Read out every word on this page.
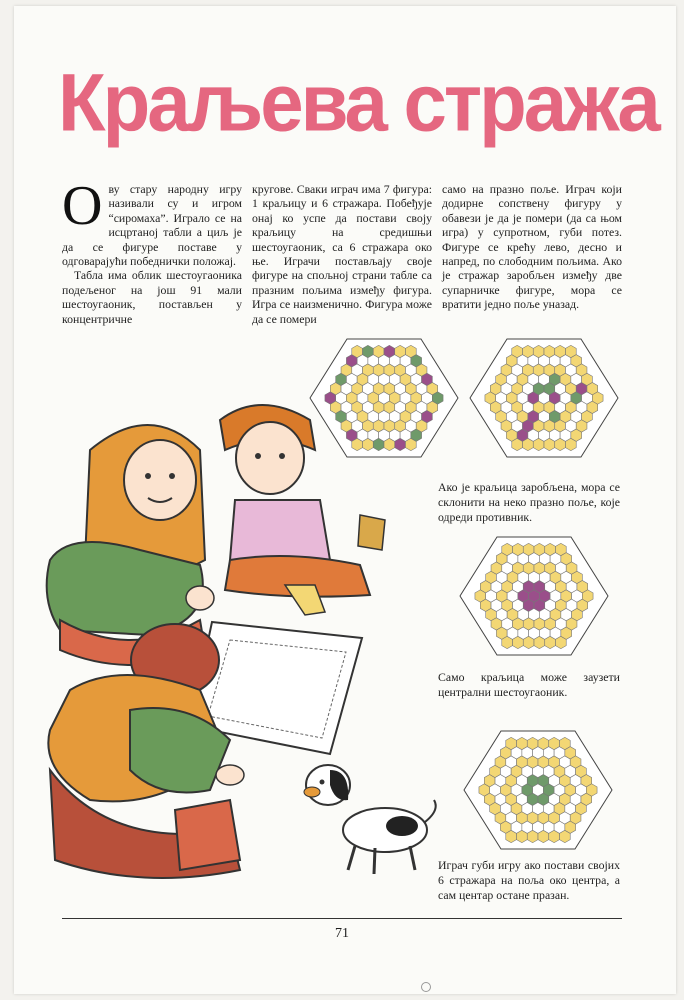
Краљева стража
О ву стару народну игру називали су и игром “сиромаха”. Играло се на исцртаној табли а циљ је да се фигуре поставе у одговарајући победнички положај.

Табла има облик шестоугаоника подељеног на још 91 мали шестоугаоник, постављен у концентричне

кругове. Сваки играч има 7 фигура: 1 краљицу и 6 стражара. Побеђује онај ко успе да постави своју краљицу на средишњи шестоугаоник, са 6 стражара око ње. Играчи постављају своје фигуре на спољној страни табле са празним пољима између фигура. Игра се наизменично. Фигура може да се помери

само на празно поље. Играч који додирне сопствену фигуру у обавези је да је помери (да са њом игра) у супротном, губи потез. Фигуре се крећу лево, десно и напред, по слободним пољима. Ако је стражар заробљен између две супарничке фигуре, мора се вратити једно поље уназад.

Ако је краљица заробљена, мора се склонити на неко празно поље, које одреди противник.
Само краљица може заузети централни шестоугаоник.
Играч губи игру ако постави својих 6 стражара на поља око центра, а сам центар остане празан.
71
